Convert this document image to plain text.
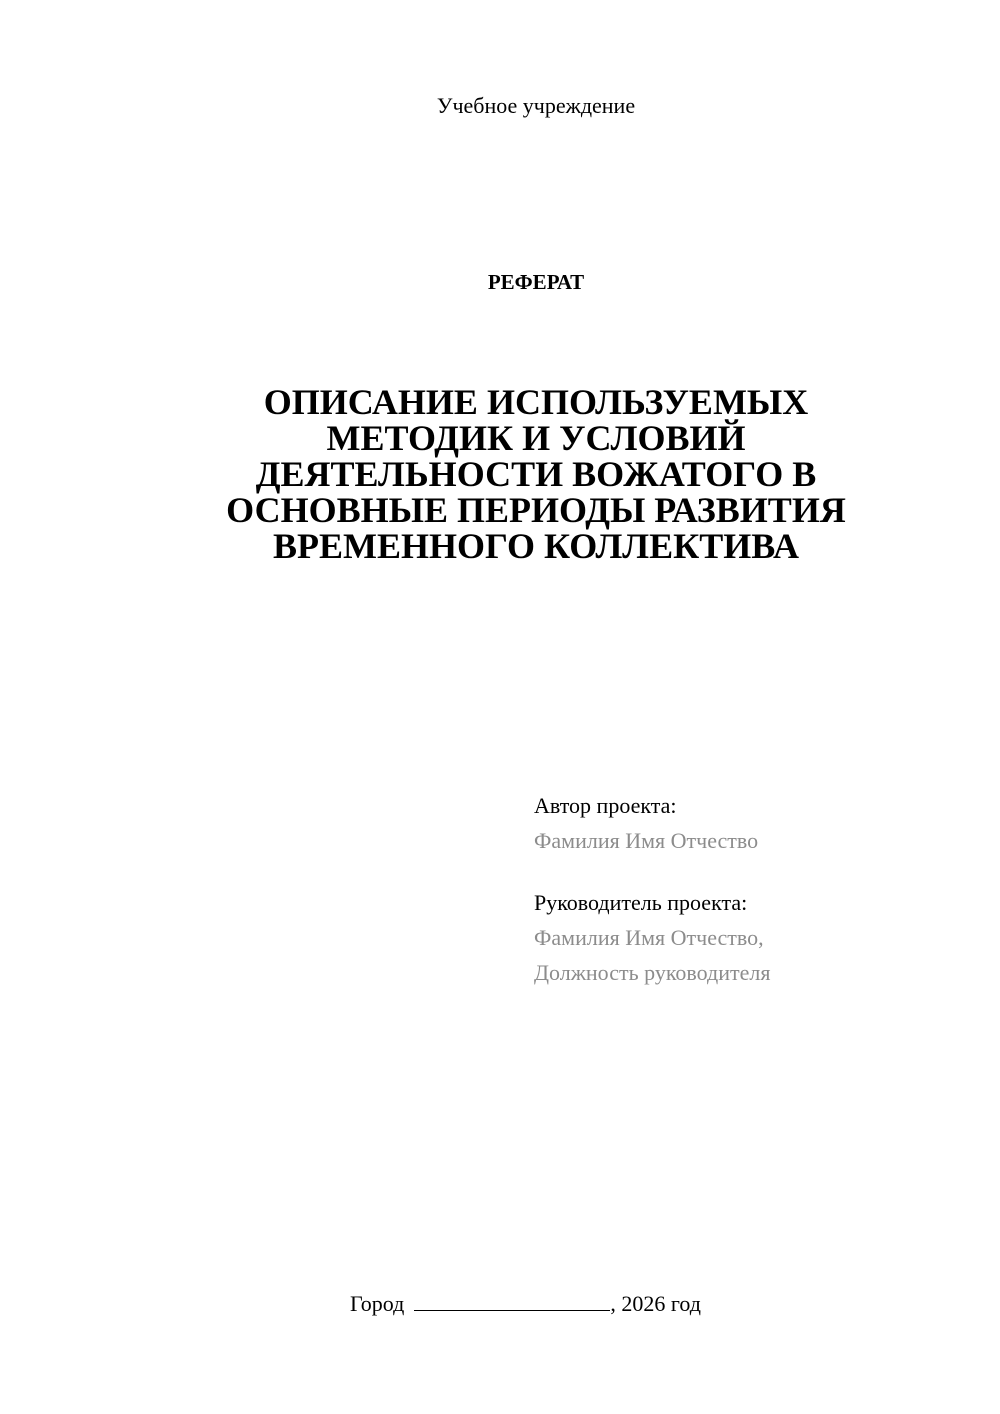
Учебное учреждение
РЕФЕРАТ
ОПИСАНИЕ ИСПОЛЬЗУЕМЫХ
МЕТОДИК И УСЛОВИЙ
ДЕЯТЕЛЬНОСТИ ВОЖАТОГО В
ОСНОВНЫЕ ПЕРИОДЫ РАЗВИТИЯ
ВРЕМЕННОГО КОЛЛЕКТИВА
Автор проекта:
Фамилия Имя Отчество
Руководитель проекта:
Фамилия Имя Отчество,
Должность руководителя
Город	, 2026 год
